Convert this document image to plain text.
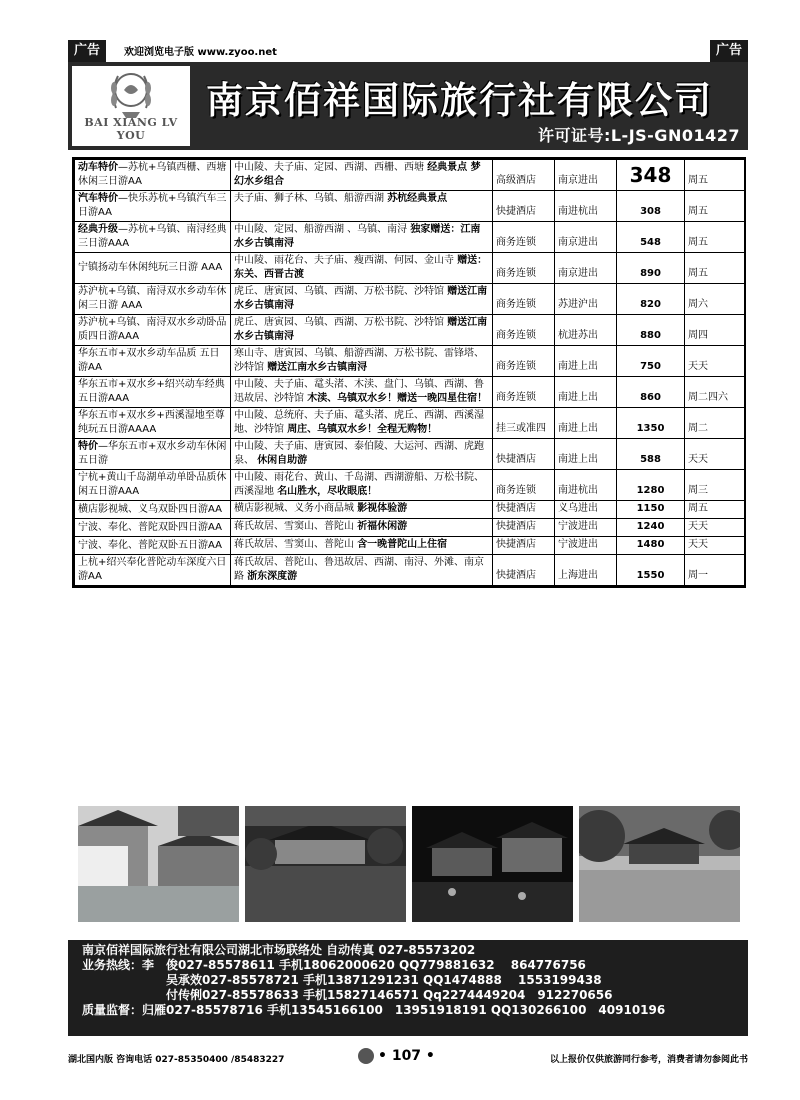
广告	欢迎浏览电子版 www.zyoo.net	广告
BAI XIANG LV YOU
南京佰祥国际旅行社有限公司
许可证号:L-JS-GN01427
动车特价—苏杭+乌镇西栅、西塘休闲三日游AA	中山陵、夫子庙、定园、西湖、西栅、西塘 经典景点 梦幻水乡组合	高级酒店	南京进出	348	周五
汽车特价—快乐苏杭+乌镇汽车三日游AA	夫子庙、狮子林、乌镇、船游西湖 苏杭经典景点	快捷酒店	南进杭出	308	周五
经典升级—苏杭+乌镇、南浔经典三日游AAA	中山陵、定园、船游西湖 、乌镇、南浔 独家赠送：江南水乡古镇南浔	商务连锁	南京进出	548	周五
宁镇扬动车休闲纯玩三日游 AAA	中山陵、雨花台、夫子庙、瘦西湖、何园、金山寺 赠送：东关、西晋古渡	商务连锁	南京进出	890	周五
苏沪杭+乌镇、南浔双水乡动车休闲三日游 AAA	虎丘、唐寅园、乌镇、西湖、万松书院、沙特馆 赠送江南水乡古镇南浔	商务连锁	苏进沪出	820	周六
苏沪杭+乌镇、南浔双水乡动卧品质四日游AAA	虎丘、唐寅园、乌镇、西湖、万松书院、沙特馆 赠送江南水乡古镇南浔	商务连锁	杭进苏出	880	周四
华东五市+双水乡动车品质 五日游AA	寒山寺、唐寅园、乌镇、船游西湖、万松书院、雷锋塔、沙特馆 赠送江南水乡古镇南浔	商务连锁	南进上出	750	天天
华东五市+双水乡+绍兴动车经典五日游AAA	中山陵、夫子庙、鼋头渚、木渎、盘门、乌镇、西湖、鲁迅故居、沙特馆 木渎、乌镇双水乡！赠送一晚四星住宿！	商务连锁	南进上出	860	周二四六
华东五市+双水乡+西溪湿地至尊纯玩五日游AAAA	中山陵、总统府、夫子庙、鼋头渚、虎丘、西湖、西溪湿地、沙特馆 周庄、乌镇双水乡！全程无购物！	挂三或准四	南进上出	1350	周二
特价—华东五市+双水乡动车休闲五日游	中山陵、夫子庙、唐寅园、泰伯陵、大运河、西湖、虎跑泉、 休闲自助游	快捷酒店	南进上出	588	天天
宁杭+黄山千岛湖单动单卧品质休闲五日游AAA	中山陵、雨花台、黄山、千岛湖、西湖游船、万松书院、西溪湿地 名山胜水，尽收眼底！	商务连锁	南进杭出	1280	周三
横店影视城、义乌双卧四日游AA	横店影视城、义务小商品城 影视体验游	快捷酒店	义乌进出	1150	周五
宁波、奉化、普陀双卧四日游AA	蒋氏故居、雪窦山、普陀山 祈福休闲游	快捷酒店	宁波进出	1240	天天
宁波、奉化、普陀双卧五日游AA	蒋氏故居、雪窦山、普陀山 含一晚普陀山上住宿	快捷酒店	宁波进出	1480	天天
上杭+绍兴奉化普陀动车深度六日游AA	蒋氏故居、普陀山、鲁迅故居、西湖、南浔、外滩、南京路 浙东深度游	快捷酒店	上海进出	1550	周一
南京佰祥国际旅行社有限公司湖北市场联络处 自动传真 027-85573202
业务热线：李　俊027-85578611 手机18062000620 QQ779881632　 864776756
吴承效027-85578721 手机13871291231 QQ1474888　 1553199438
付传俐027-85578633 手机15827146571 Qq2274449204　912270656
质量监督：归雁027-85578716 手机13545166100　13951918191 QQ130266100　40910196
湖北国内版 咨询电话 027-85350400 /85483227	• 107 •	以上报价仅供旅游同行参考，消费者请勿参阅此书
